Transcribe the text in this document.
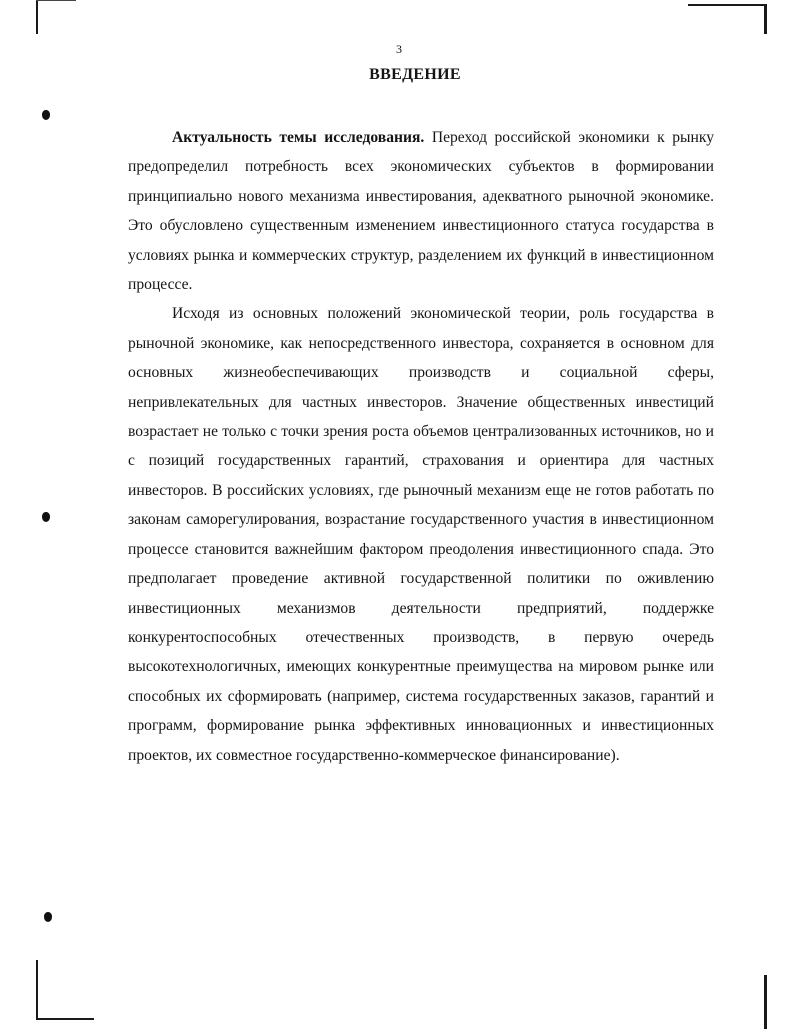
3
ВВЕДЕНИЕ

Актуальность темы исследования. Переход российской экономики к рынку предопределил потребность всех экономических субъектов в формировании принципиально нового механизма инвестирования, адекватного рыночной экономике. Это обусловлено существенным изменением инвестиционного статуса государства в условиях рынка и коммерческих структур, разделением их функций в инвестиционном процессе.

Исходя из основных положений экономической теории, роль государства в рыночной экономике, как непосредственного инвестора, сохраняется в основном для основных жизнеобеспечивающих производств и социальной сферы, непривлекательных для частных инвесторов. Значение общественных инвестиций возрастает не только с точки зрения роста объемов централизованных источников, но и с позиций государственных гарантий, страхования и ориентира для частных инвесторов. В российских условиях, где рыночный механизм еще не готов работать по законам саморегулирования, возрастание государственного участия в инвестиционном процессе становится важнейшим фактором преодоления инвестиционного спада. Это предполагает проведение активной государственной политики по оживлению инвестиционных механизмов деятельности предприятий, поддержке конкурентоспособных отечественных производств, в первую очередь высокотехнологичных, имеющих конкурентные преимущества на мировом рынке или способных их сформировать (например, система государственных заказов, гарантий и программ, формирование рынка эффективных инновационных и инвестиционных проектов, их совместное государственно-коммерческое финансирование).
